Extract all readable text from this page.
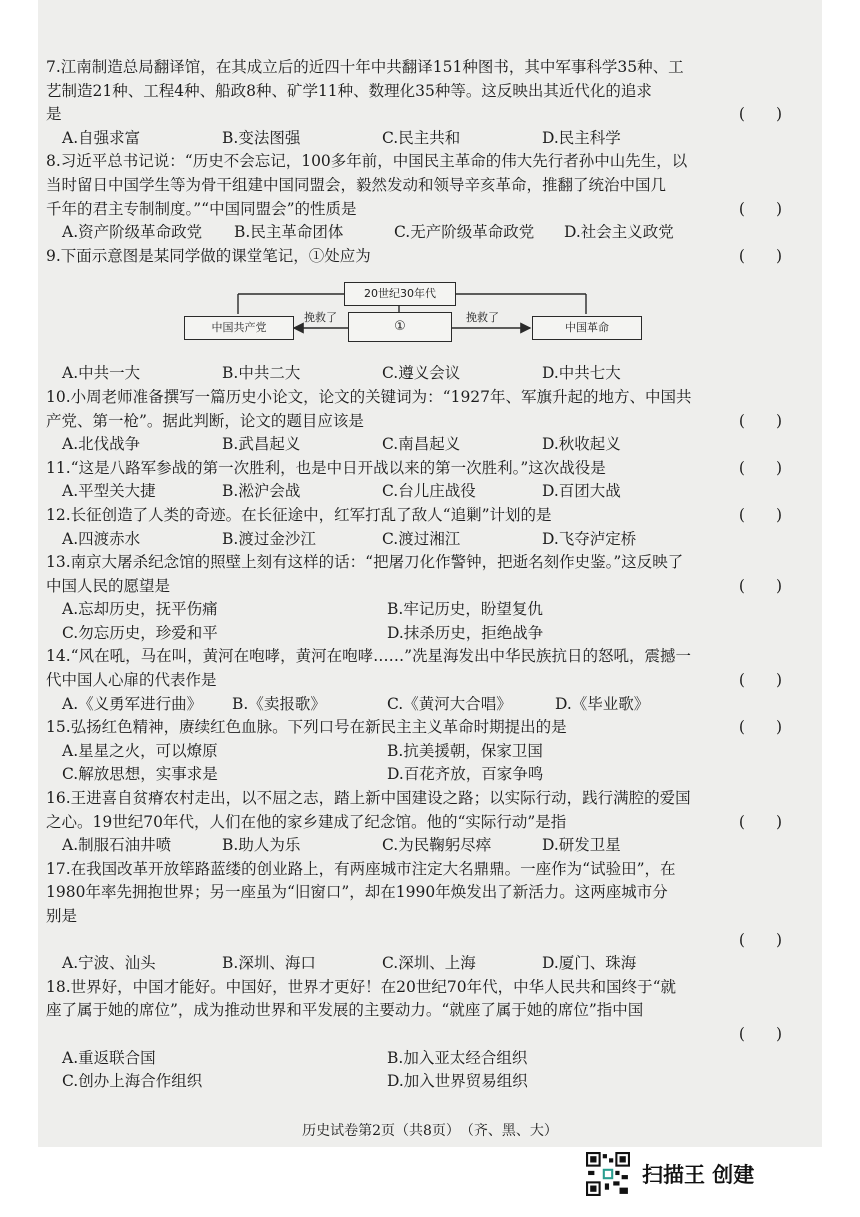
7.江南制造总局翻译馆，在其成立后的近四十年中共翻译151种图书，其中军事科学35种、工
艺制造21种、工程4种、船政8种、矿学11种、数理化35种等。这反映出其近代化的追求
是	(　　)
A.自强求富	B.变法图强	C.民主共和	D.民主科学
8.习近平总书记说：“历史不会忘记，100多年前，中国民主革命的伟大先行者孙中山先生，以
当时留日中国学生等为骨干组建中国同盟会，毅然发动和领导辛亥革命，推翻了统治中国几
千年的君主专制制度。”“中国同盟会”的性质是	(　　)
A.资产阶级革命政党	B.民主革命团体	C.无产阶级革命政党	D.社会主义政党
9.下面示意图是某同学做的课堂笔记，①处应为	(　　)
20世纪30年代
中国共产党	①	中国革命
挽救了	挽救了
A.中共一大	B.中共二大	C.遵义会议	D.中共七大
10.小周老师准备撰写一篇历史小论文，论文的关键词为：“1927年、军旗升起的地方、中国共
产党、第一枪”。据此判断，论文的题目应该是	(　　)
A.北伐战争	B.武昌起义	C.南昌起义	D.秋收起义
11.“这是八路军参战的第一次胜利，也是中日开战以来的第一次胜利。”这次战役是	(　　)
A.平型关大捷	B.淞沪会战	C.台儿庄战役	D.百团大战
12.长征创造了人类的奇迹。在长征途中，红军打乱了敌人“追剿”计划的是	(　　)
A.四渡赤水	B.渡过金沙江	C.渡过湘江	D.飞夺泸定桥
13.南京大屠杀纪念馆的照壁上刻有这样的话：“把屠刀化作警钟，把逝名刻作史鉴。”这反映了
中国人民的愿望是	(　　)
A.忘却历史，抚平伤痛	B.牢记历史，盼望复仇
C.勿忘历史，珍爱和平	D.抹杀历史，拒绝战争
14.“风在吼，马在叫，黄河在咆哮，黄河在咆哮……”冼星海发出中华民族抗日的怒吼，震撼一
代中国人心扉的代表作是	(　　)
A.《义勇军进行曲》	B.《卖报歌》	C.《黄河大合唱》	D.《毕业歌》
15.弘扬红色精神，赓续红色血脉。下列口号在新民主主义革命时期提出的是	(　　)
A.星星之火，可以燎原	B.抗美援朝，保家卫国
C.解放思想，实事求是	D.百花齐放，百家争鸣
16.王进喜自贫瘠农村走出，以不屈之志，踏上新中国建设之路；以实际行动，践行满腔的爱国
之心。19世纪70年代，人们在他的家乡建成了纪念馆。他的“实际行动”是指	(　　)
A.制服石油井喷	B.助人为乐	C.为民鞠躬尽瘁	D.研发卫星
17.在我国改革开放筚路蓝缕的创业路上，有两座城市注定大名鼎鼎。一座作为“试验田”，在
1980年率先拥抱世界；另一座虽为“旧窗口”，却在1990年焕发出了新活力。这两座城市分
别是
(　　)
A.宁波、汕头	B.深圳、海口	C.深圳、上海	D.厦门、珠海
18.世界好，中国才能好。中国好，世界才更好！在20世纪70年代，中华人民共和国终于“就
座了属于她的席位”，成为推动世界和平发展的主要动力。“就座了属于她的席位”指中国
(　　)
A.重返联合国	B.加入亚太经合组织
C.创办上海合作组织	D.加入世界贸易组织
历史试卷第2页（共8页）　（齐、黑、大）
扫描王 创建
